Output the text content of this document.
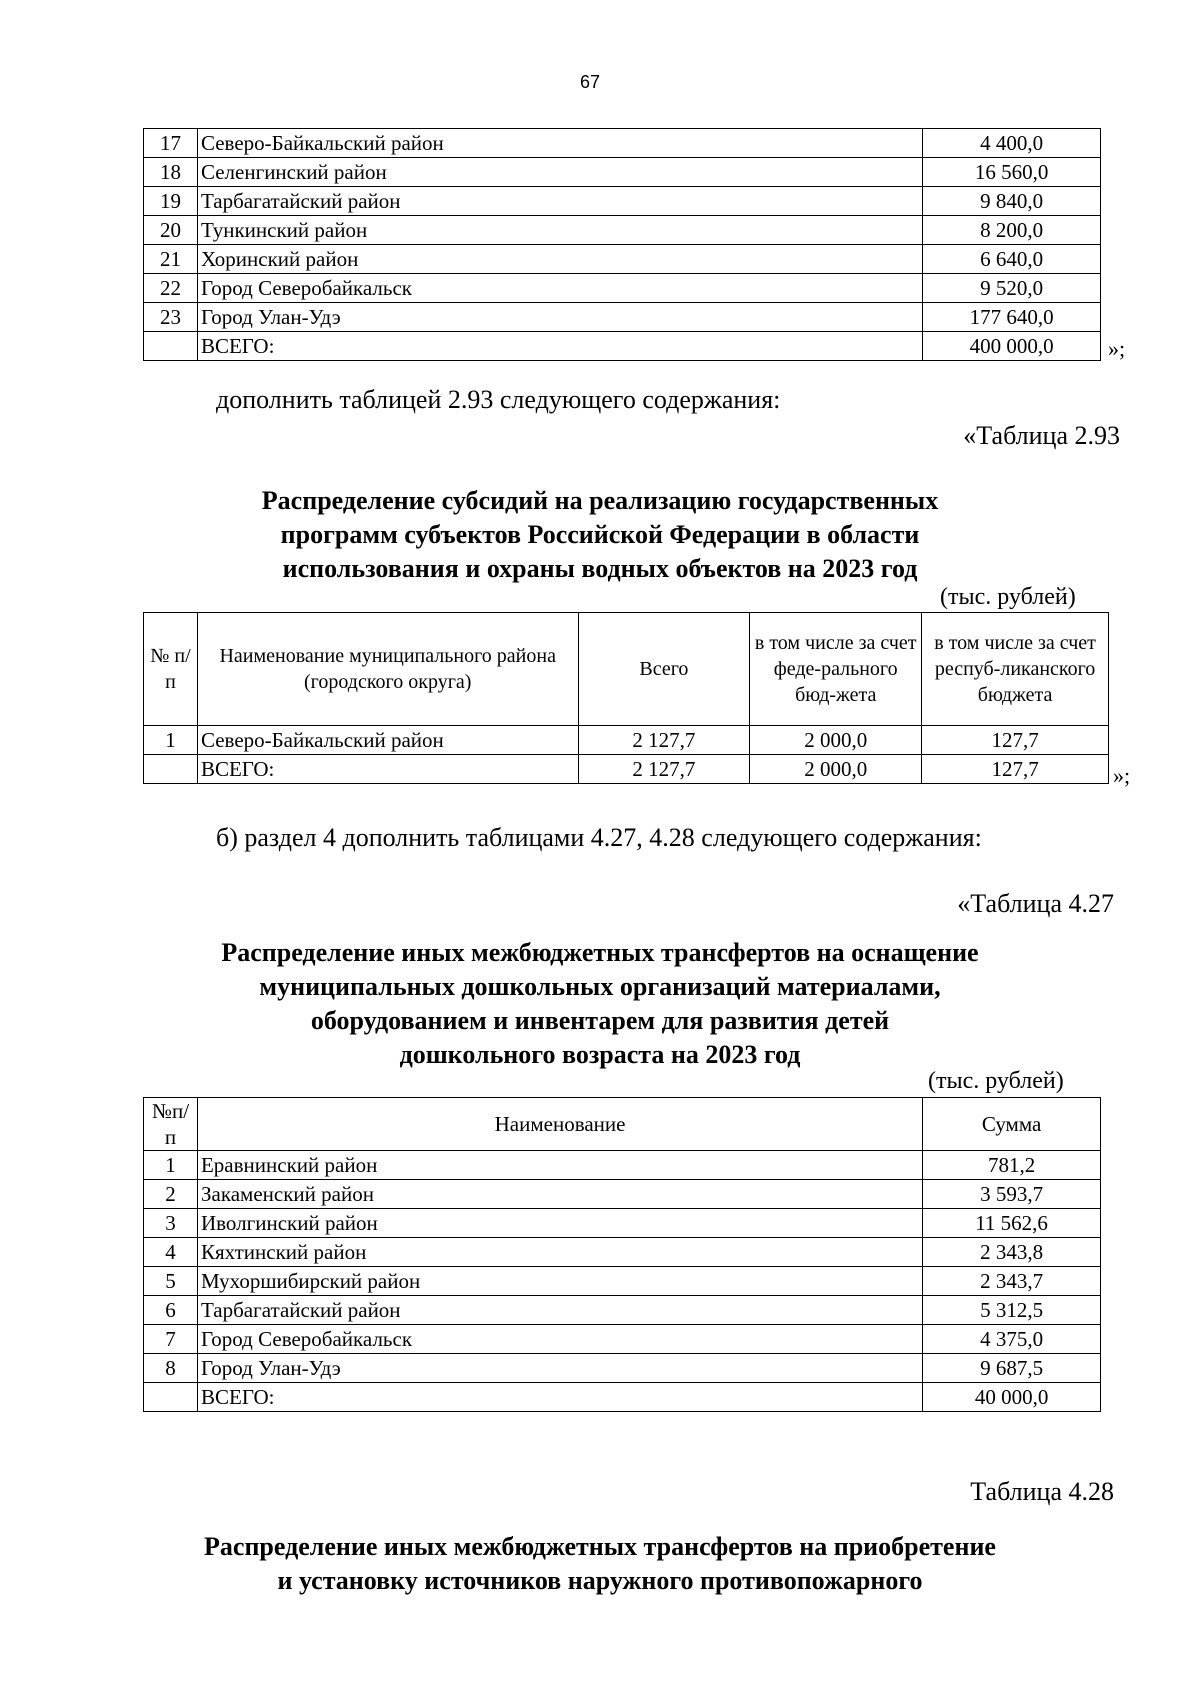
67
17	Северо-Байкальский район	4 400,0
18	Селенгинский район	16 560,0
19	Тарбагатайский район	9 840,0
20	Тункинский район	8 200,0
21	Хоринский район	6 640,0
22	Город Северобайкальск	9 520,0
23	Город Улан-Удэ	177 640,0
	ВСЕГО:	400 000,0 »;
дополнить таблицей 2.93 следующего содержания:
«Таблица 2.93
Распределение субсидий на реализацию государственных
программ субъектов Российской Федерации в области
использования и охраны водных объектов на 2023 год
(тыс. рублей)
№ п/п	Наименование муниципального района (городского округа)	Всего	в том числе за счет феде-рального бюд-жета	в том числе за счет респуб-ликанского бюджета
1	Северо-Байкальский район	2 127,7	2 000,0	127,7
	ВСЕГО:	2 127,7	2 000,0	127,7	»;
б) раздел 4 дополнить таблицами 4.27, 4.28 следующего содержания:
«Таблица 4.27
Распределение иных межбюджетных трансфертов на оснащение
муниципальных дошкольных организаций материалами,
оборудованием и инвентарем для развития детей
дошкольного возраста на 2023 год
(тыс. рублей)
№п/п	Наименование	Сумма
1	Еравнинский район	781,2
2	Закаменский район	3 593,7
3	Иволгинский район	11 562,6
4	Кяхтинский район	2 343,8
5	Мухоршибирский район	2 343,7
6	Тарбагатайский район	5 312,5
7	Город Северобайкальск	4 375,0
8	Город Улан-Удэ	9 687,5
	ВСЕГО:	40 000,0
Таблица 4.28
Распределение иных межбюджетных трансфертов на приобретение
и установку источников наружного противопожарного
